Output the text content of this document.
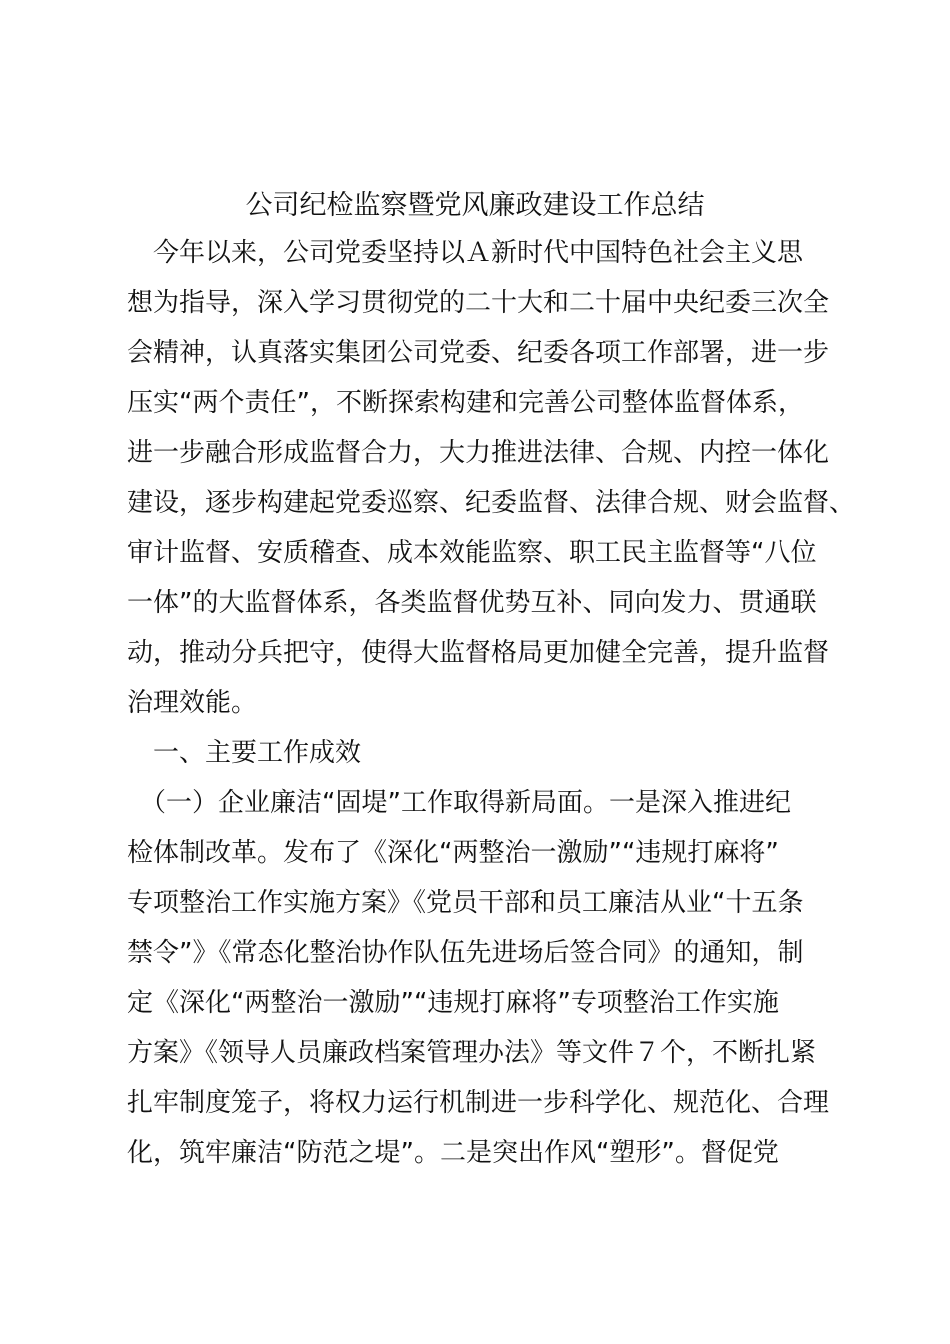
公司纪检监察暨党风廉政建设工作总结

　今年以来，公司党委坚持以Ａ新时代中国特色社会主义思

想为指导，深入学习贯彻党的二十大和二十届中央纪委三次全

会精神，认真落实集团公司党委、纪委各项工作部署，进一步

压实“两个责任”，不断探索构建和完善公司整体监督体系，

进一步融合形成监督合力，大力推进法律、合规、内控一体化

建设，逐步构建起党委巡察、纪委监督、法律合规、财会监督、

审计监督、安质稽查、成本效能监察、职工民主监督等“八位

一体”的大监督体系，各类监督优势互补、同向发力、贯通联

动，推动分兵把守，使得大监督格局更加健全完善，提升监督

治理效能。

　一、主要工作成效

　（一）企业廉洁“固堤”工作取得新局面。一是深入推进纪

检体制改革。发布了《深化“两整治一激励”“违规打麻将”

专项整治工作实施方案》《党员干部和员工廉洁从业“十五条

禁令”》《常态化整治协作队伍先进场后签合同》的通知，制

定《深化“两整治一激励”“违规打麻将”专项整治工作实施

方案》《领导人员廉政档案管理办法》等文件７个，不断扎紧

扎牢制度笼子，将权力运行机制进一步科学化、规范化、合理

化，筑牢廉洁“防范之堤”。二是突出作风“塑形”。督促党
